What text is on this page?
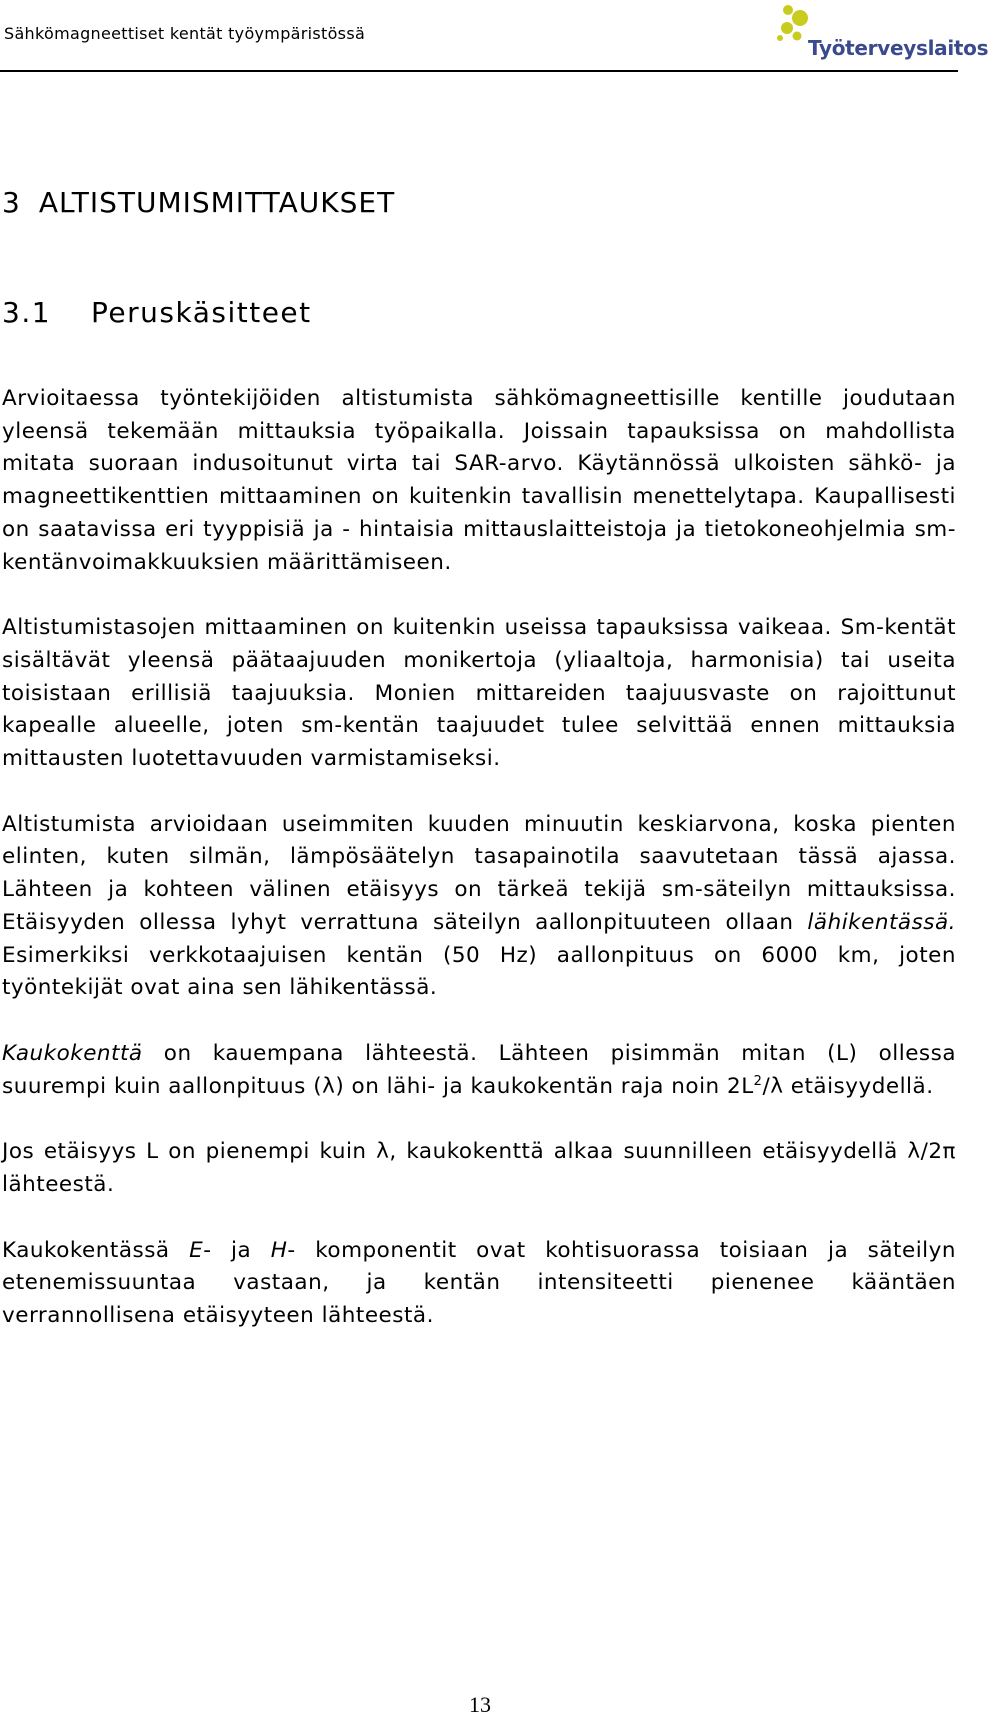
Sähkömagneettiset kentät työympäristössä
Työterveyslaitos
3 ALTISTUMISMITTAUKSET
3.1 Peruskäsitteet

Arvioitaessa työntekijöiden altistumista sähkömagneettisille kentille joudutaan yleensä tekemään mittauksia työpaikalla. Joissain tapauksissa on mahdollista mitata suoraan indusoitunut virta tai SAR-arvo. Käytännössä ulkoisten sähkö- ja magneettikenttien mittaaminen on kuitenkin tavallisin menettelytapa. Kaupallisesti on saatavissa eri tyyppisiä ja - hintaisia mittauslaitteistoja ja tietokoneohjelmia sm-kentänvoimakkuuksien määrittämiseen.

Altistumistasojen mittaaminen on kuitenkin useissa tapauksissa vaikeaa. Sm-kentät sisältävät yleensä päätaajuuden monikertoja (yliaaltoja, harmonisia) tai useita toisistaan erillisiä taajuuksia. Monien mittareiden taajuusvaste on rajoittunut kapealle alueelle, joten sm-kentän taajuudet tulee selvittää ennen mittauksia mittausten luotettavuuden varmistamiseksi.

Altistumista arvioidaan useimmiten kuuden minuutin keskiarvona, koska pienten elinten, kuten silmän, lämpösäätelyn tasapainotila saavutetaan tässä ajassa. Lähteen ja kohteen välinen etäisyys on tärkeä tekijä sm-säteilyn mittauksissa. Etäisyyden ollessa lyhyt verrattuna säteilyn aallonpituuteen ollaan lähikentässä. Esimerkiksi verkkotaajuisen kentän (50 Hz) aallonpituus on 6000 km, joten työntekijät ovat aina sen lähikentässä.

Kaukokenttä on kauempana lähteestä. Lähteen pisimmän mitan (L) ollessa suurempi kuin aallonpituus (λ) on lähi- ja kaukokentän raja noin $2L^2/\lambda$ etäisyydellä.

Jos etäisyys L on pienempi kuin λ, kaukokenttä alkaa suunnilleen etäisyydellä λ/2π lähteestä.

Kaukokentässä E- ja H- komponentit ovat kohtisuorassa toisiaan ja säteilyn etenemissuuntaa vastaan, ja kentän intensiteetti pienenee kääntäen verrannollisena etäisyyteen lähteestä.

13
